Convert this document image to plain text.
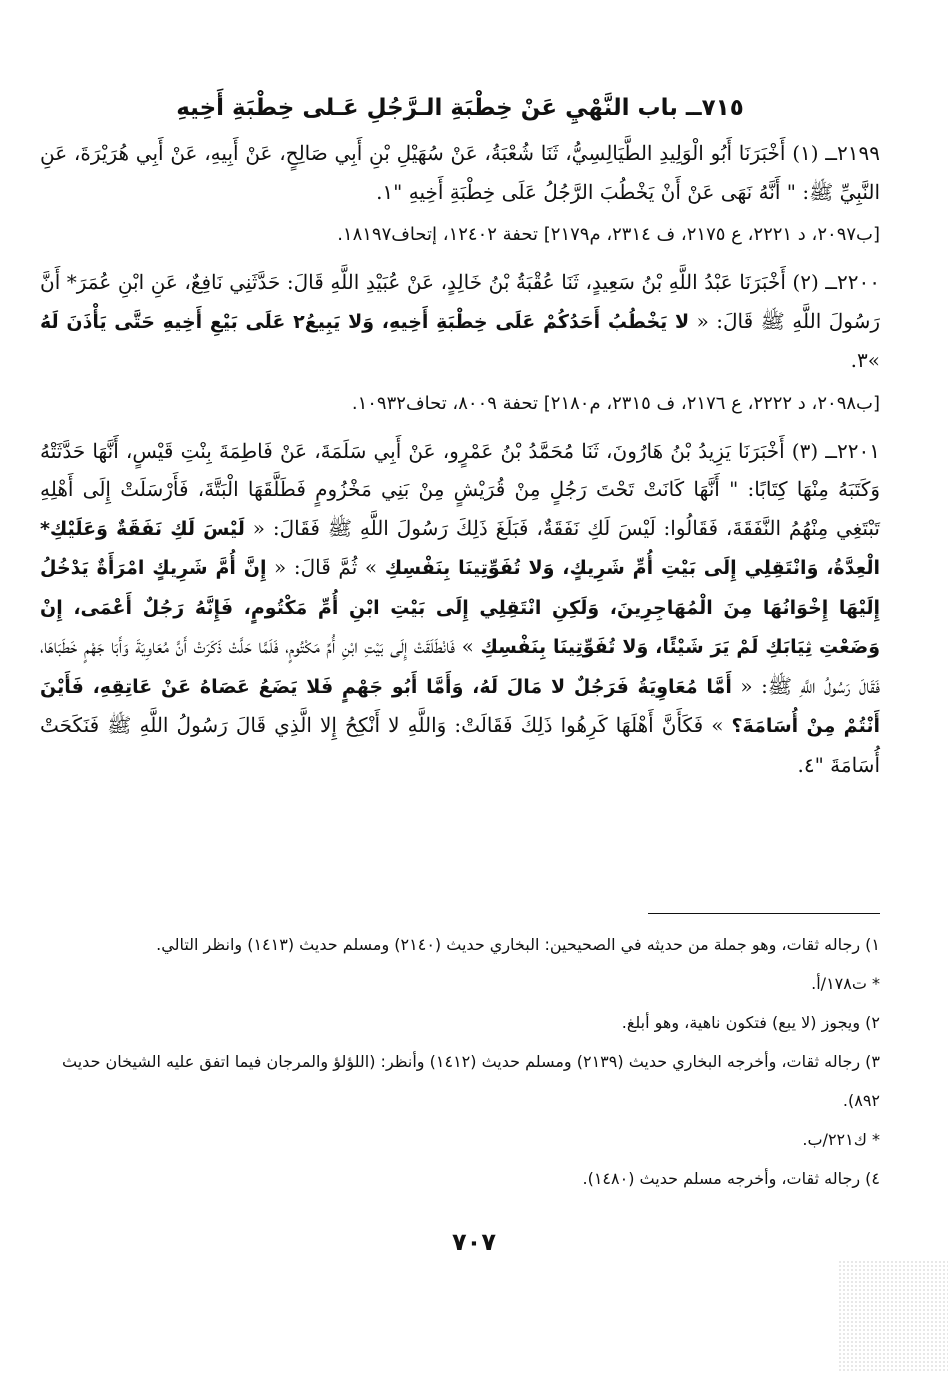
٧١٥ــ باب النَّهْيِ عَنْ خِطْبَةِ الـرَّجُلِ عَـلى خِطْبَةِ أَخِيهِ

٢١٩٩ــ (١) أَخْبَرَنَا أَبُو الْوَلِيدِ الطَّيَالِسِيُّ، ثَنَا شُعْبَةُ، عَنْ سُهَيْلِ بْنِ أَبِي صَالِحٍ، عَنْ أَبِيهِ، عَنْ أَبِي هُرَيْرَةَ، عَنِ النَّبِيِّ ﷺ: " أَنَّهُ نَهَى عَنْ أَنْ يَخْطُبَ الرَّجُلُ عَلَى خِطْبَةِ أَخِيهِ "١.

[ب٢٠٩٧، د ٢٢٢١، ع ٢١٧٥، ف ٢٣١٤، م٢١٧٩] تحفة ١٢٤٠٢، إتحاف١٨١٩٧.

٢٢٠٠ــ (٢) أَخْبَرَنَا عَبْدُ اللَّهِ بْنُ سَعِيدٍ، ثَنَا عُقْبَةُ بْنُ خَالِدٍ، عَنْ عُبَيْدِ اللَّهِ قَالَ: حَدَّثَنِي نَافِعٌ، عَنِ ابْنِ عُمَرَ* أَنَّ رَسُولَ اللَّهِ ﷺ قَالَ: « لا يَخْطُبُ أَحَدُكُمْ عَلَى خِطْبَةِ أَخِيهِ، وَلا يَبِيعُ٢ عَلَى بَيْعِ أَخِيهِ حَتَّى يَأْذَنَ لَهُ »٣.

[ب٢٠٩٨، د ٢٢٢٢، ع ٢١٧٦، ف ٢٣١٥، م٢١٨٠] تحفة ٨٠٠٩، تحاف١٠٩٣٢.

٢٢٠١ــ (٣) أَخْبَرَنَا يَزِيدُ بْنُ هَارُونَ، ثَنَا مُحَمَّدُ بْنُ عَمْرٍو، عَنْ أَبِي سَلَمَةَ، عَنْ فَاطِمَةَ بِنْتِ قَيْسٍ، أَنَّهَا حَدَّثَتْهُ وَكَتَبَهُ مِنْهَا كِتَابًا: " أَنَّهَا كَانَتْ تَحْتَ رَجُلٍ مِنْ قُرَيْشٍ مِنْ بَنِي مَخْزُومٍ فَطَلَّقَهَا الْبَتَّةَ، فَأَرْسَلَتْ إِلَى أَهْلِهِ تَبْتَغِي مِنْهُمُ النَّفَقَةَ، فَقَالُوا: لَيْسَ لَكِ نَفَقَةٌ، فَبَلَغَ ذَلِكَ رَسُولَ اللَّهِ ﷺ فَقَالَ: « لَيْسَ لَكِ نَفَقَةٌ وَعَلَيْكِ* الْعِدَّةُ، وَانْتَقِلِي إِلَى بَيْتِ أُمِّ شَرِيكٍ، وَلا تُفَوِّتِينَا بِنَفْسِكِ » ثُمَّ قَالَ: « إِنَّ أُمَّ شَرِيكٍ امْرَأَةٌ يَدْخُلُ إِلَيْهَا إِخْوَانُهَا مِنَ الْمُهَاجِرِينَ، وَلَكِنِ انْتَقِلِي إِلَى بَيْتِ ابْنِ أُمِّ مَكْتُومٍ، فَإِنَّهُ رَجُلٌ أَعْمَى، إِنْ وَضَعْتِ ثِيَابَكِ لَمْ يَرَ شَيْئًا، وَلا تُفَوِّتِينَا بِنَفْسِكِ » فَانْطَلَقَتْ إِلَى بَيْتِ ابْنِ أُمِّ مَكْتُومٍ، فَلَمَّا حَلَّتْ ذَكَرَتْ أَنَّ مُعَاوِيَةَ وَأَبَا جَهْمٍ خَطَبَاهَا، فَقَالَ رَسُولُ اللَّهِ ﷺ: « أَمَّا مُعَاوِيَةُ فَرَجُلٌ لا مَالَ لَهُ، وَأَمَّا أَبُو جَهْمٍ فَلا يَضَعُ عَصَاهُ عَنْ عَاتِقِهِ، فَأَيْنَ أَنْتُمْ مِنْ أُسَامَةَ؟ » فَكَأَنَّ أَهْلَهَا كَرِهُوا ذَلِكَ فَقَالَتْ: وَاللَّهِ لا أَنْكِحُ إِلا الَّذِي قَالَ رَسُولُ اللَّهِ ﷺ فَنَكَحَتْ أُسَامَةَ "٤.

١) رجاله ثقات، وهو جملة من حديثه في الصحيحين: البخاري حديث (٢١٤٠) ومسلم حديث (١٤١٣) وانظر التالي.

* ت١٧٨/أ.

٢) ويجوز (لا يبع) فتكون ناهية، وهو أبلغ.

٣) رجاله ثقات، وأخرجه البخاري حديث (٢١٣٩) ومسلم حديث (١٤١٢) وأنظر: (اللؤلؤ والمرجان فيما اتفق عليه الشيخان حديث ٨٩٢).

* ك٢٢١/ب.

٤) رجاله ثقات، وأخرجه مسلم حديث (١٤٨٠).

٧٠٧
